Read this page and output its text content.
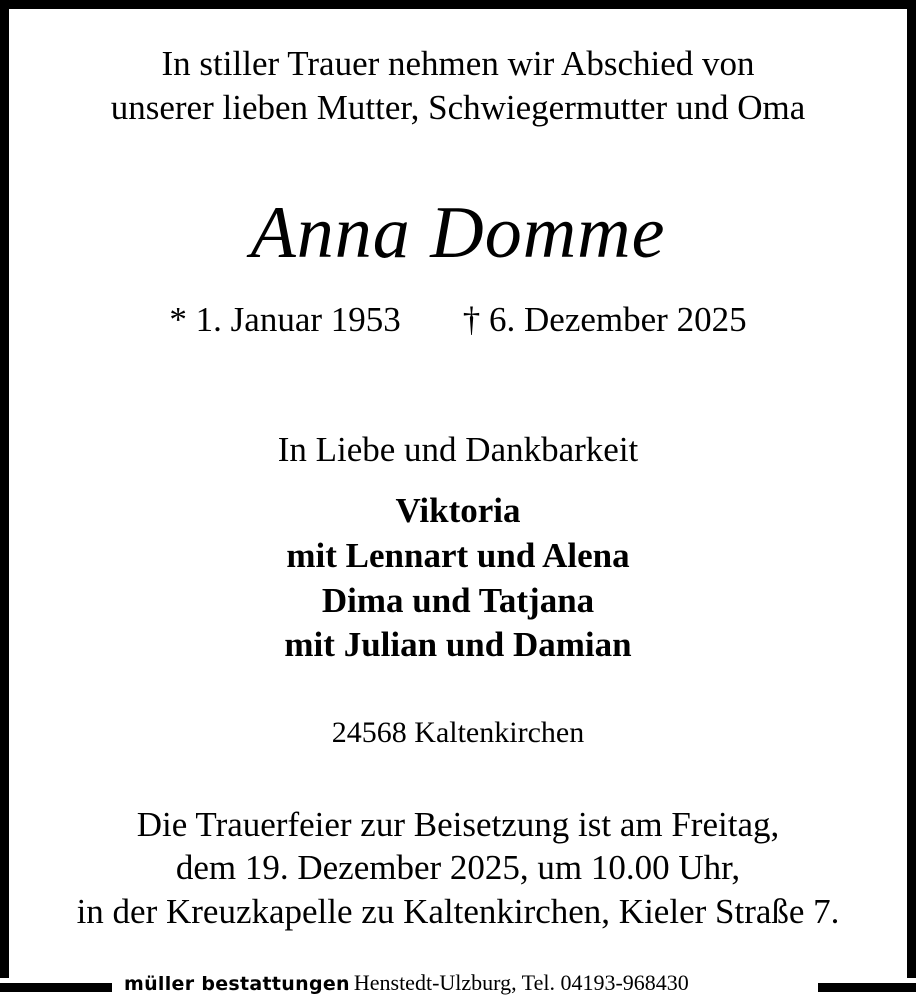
In stiller Trauer nehmen wir Abschied von
unserer lieben Mutter, Schwiegermutter und Oma
Anna Domme
* 1. Januar 1953 † 6. Dezember 2025
In Liebe und Dankbarkeit
Viktoria
mit Lennart und Alena
Dima und Tatjana
mit Julian und Damian
24568 Kaltenkirchen
Die Trauerfeier zur Beisetzung ist am Freitag,
dem 19. Dezember 2025, um 10.00 Uhr,
in der Kreuzkapelle zu Kaltenkirchen, Kieler Straße 7.
müller bestattungen Henstedt-Ulzburg, Tel. 04193-968430
